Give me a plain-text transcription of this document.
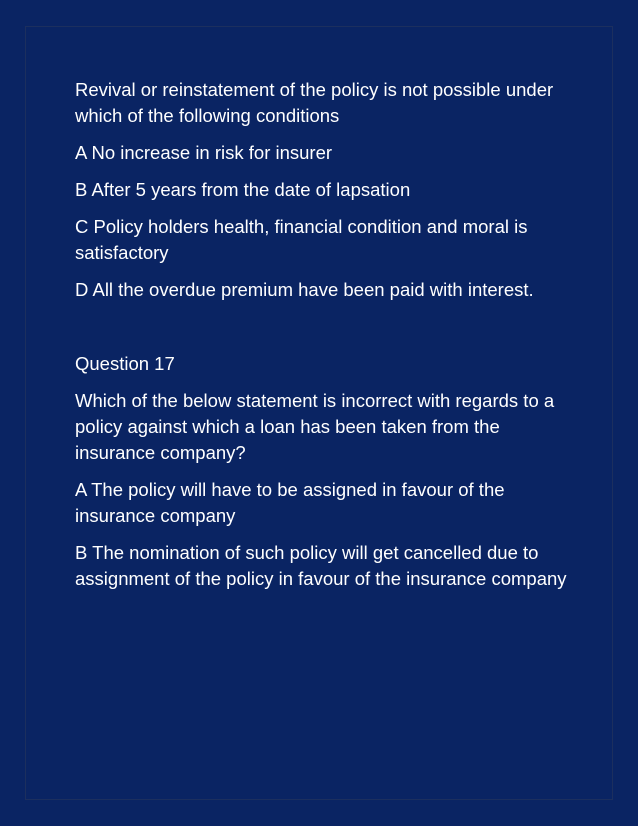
Revival or reinstatement of the policy is not possible under which of the following conditions

A No increase in risk for insurer

B After 5 years from the date of lapsation

C Policy holders health, financial condition and moral is satisfactory

D All the overdue premium have been paid with interest.

Question 17

Which of the below statement is incorrect with regards to a policy against which a loan has been taken from the insurance company?

A The policy will have to be assigned in favour of the insurance company

B The nomination of such policy will get cancelled due to assignment of the policy in favour of the insurance company
